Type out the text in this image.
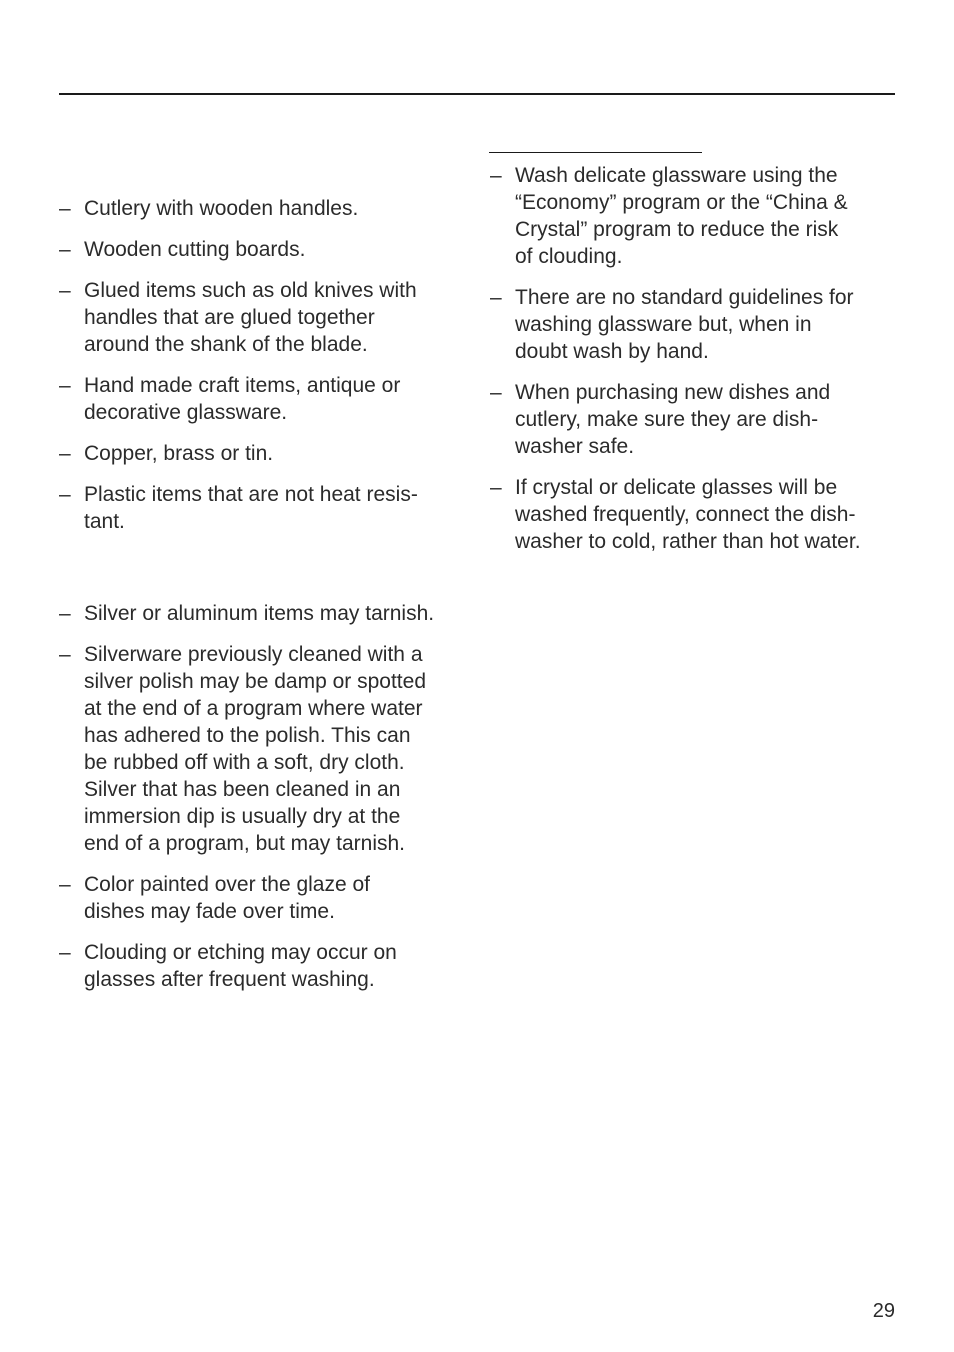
– Cutlery with wooden handles.
– Wooden cutting boards.
– Glued items such as old knives with
handles that are glued together
around the shank of the blade.
– Hand made craft items, antique or
decorative glassware.
– Copper, brass or tin.
– Plastic items that are not heat resis-
tant.
– Silver or aluminum items may tarnish.
– Silverware previously cleaned with a
silver polish may be damp or spotted
at the end of a program where water
has adhered to the polish. This can
be rubbed off with a soft, dry cloth.
Silver that has been cleaned in an
immersion dip is usually dry at the
end of a program, but may tarnish.
– Color painted over the glaze of
dishes may fade over time.
– Clouding or etching may occur on
glasses after frequent washing.
– Wash delicate glassware using the
“Economy” program or the “China &
Crystal” program to reduce the risk
of clouding.
– There are no standard guidelines for
washing glassware but, when in
doubt wash by hand.
– When purchasing new dishes and
cutlery, make sure they are dish-
washer safe.
– If crystal or delicate glasses will be
washed frequently, connect the dish-
washer to cold, rather than hot water.
29
